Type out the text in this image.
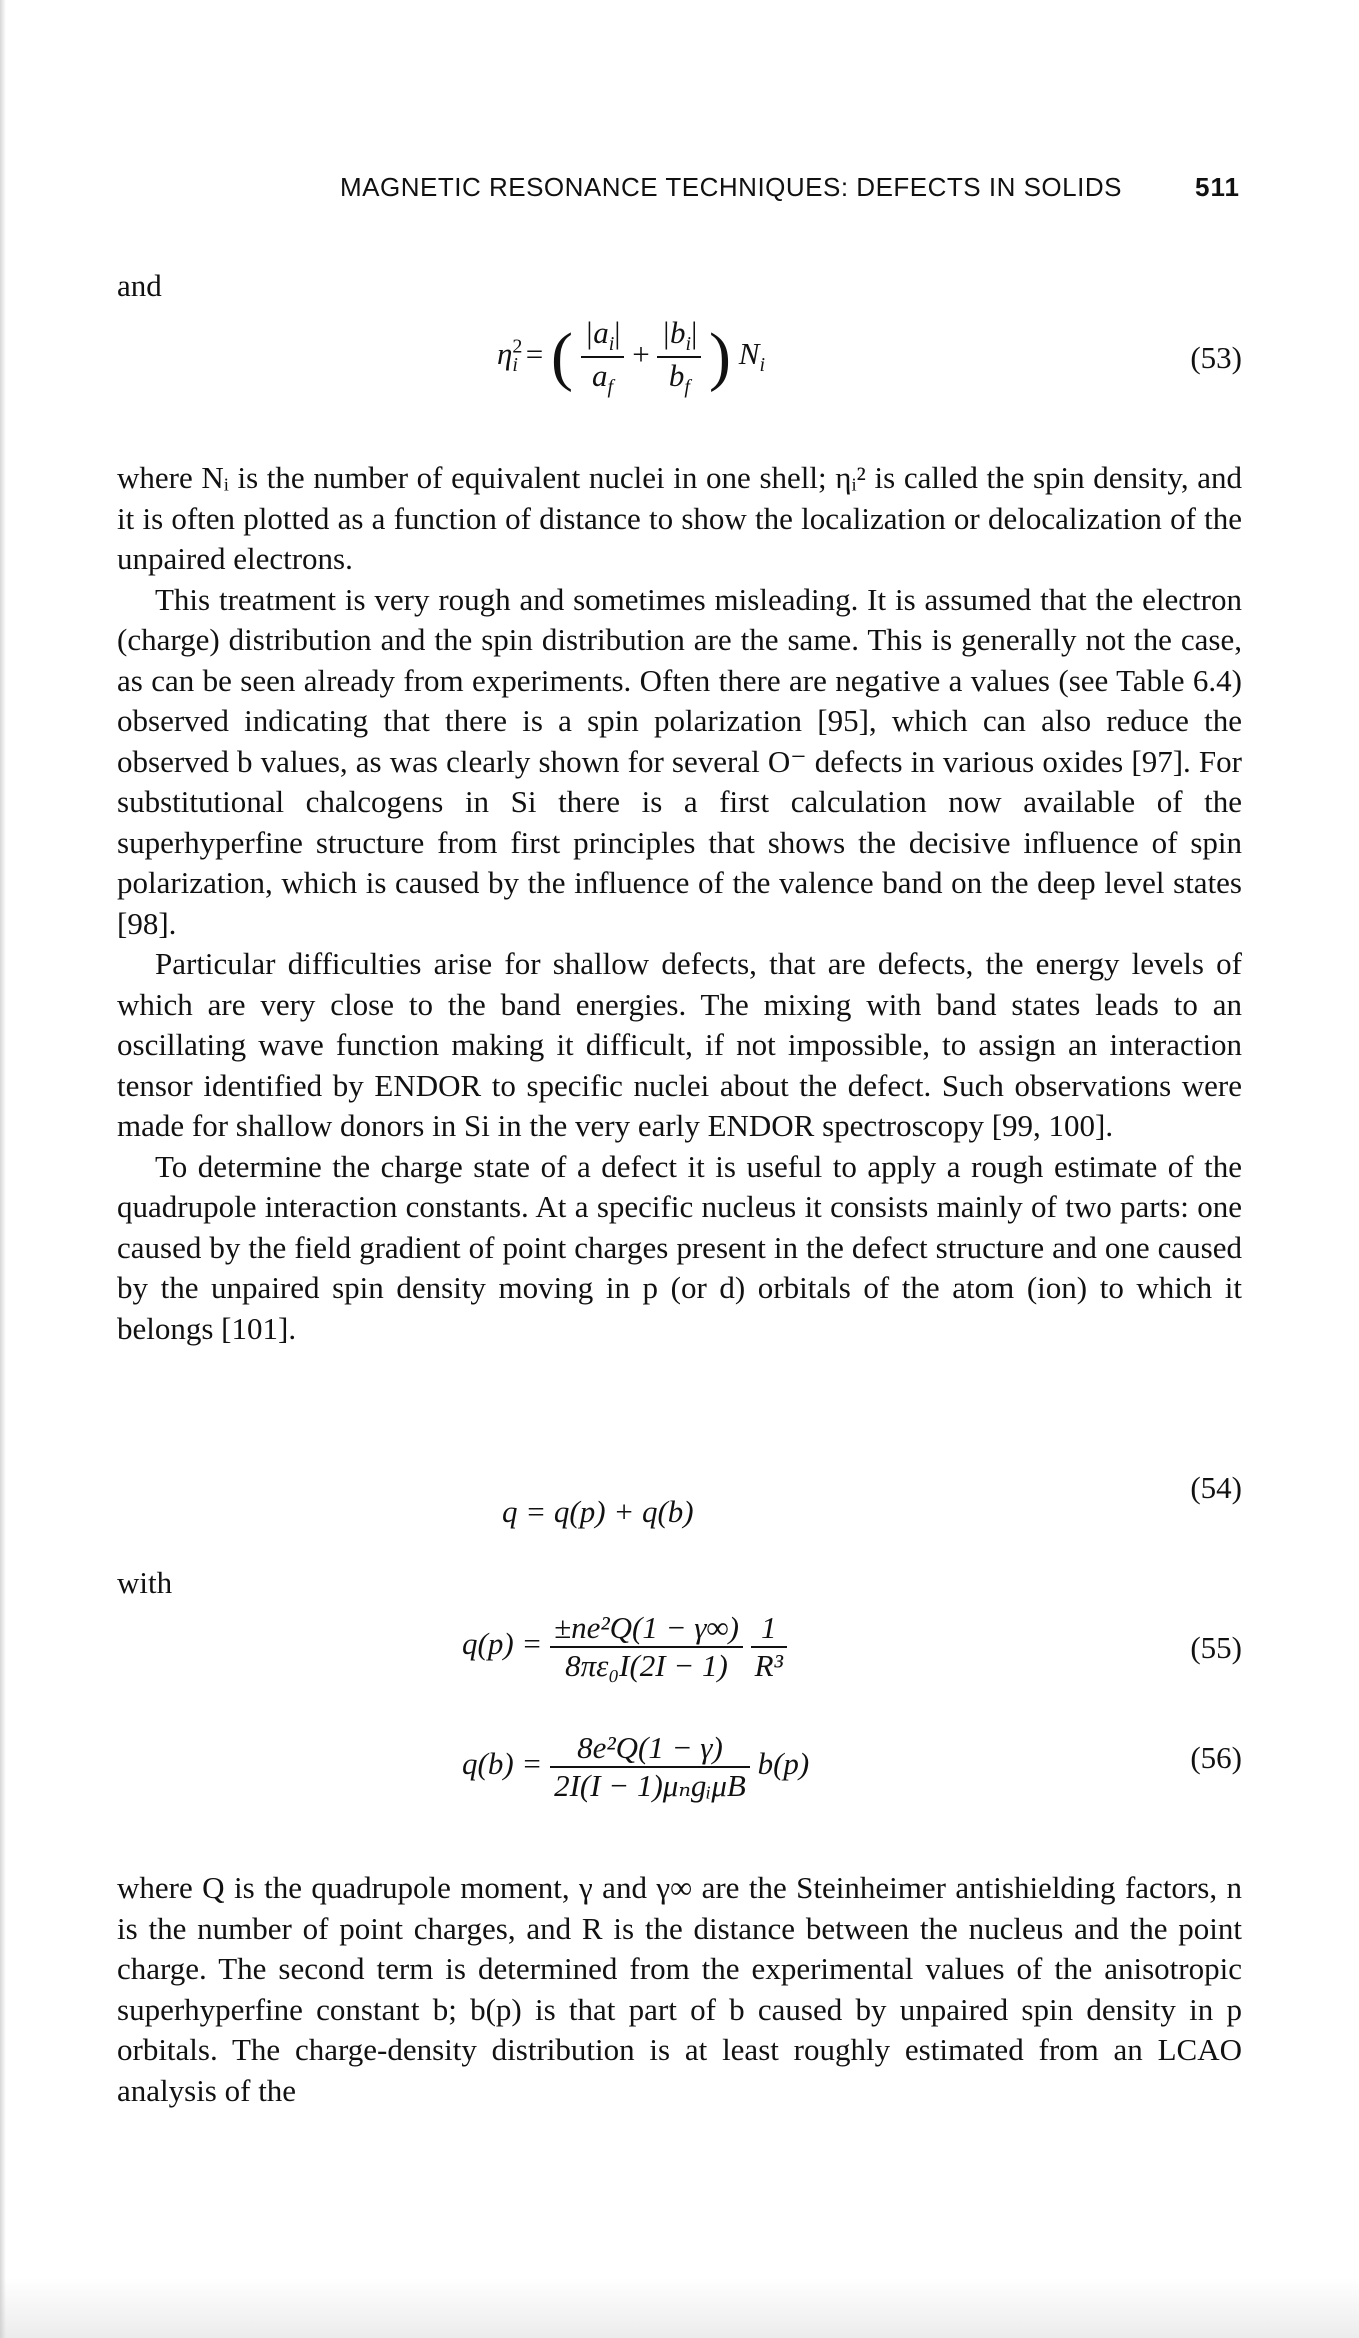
MAGNETIC RESONANCE TECHNIQUES: DEFECTS IN SOLIDS	511
and
$\eta^2_i$ = ( $\frac{|a_i|}{a_f} + \frac{|b_i|}{b_f}$ ) $N_i$	(53)

where Nᵢ is the number of equivalent nuclei in one shell; ηᵢ² is called the spin density, and it is often plotted as a function of distance to show the localization or delocalization of the unpaired electrons.

This treatment is very rough and sometimes misleading. It is assumed that the electron (charge) distribution and the spin distribution are the same. This is generally not the case, as can be seen already from experiments. Often there are negative a values (see Table 6.4) observed indicating that there is a spin polarization [95], which can also reduce the observed b values, as was clearly shown for several O⁻ defects in various oxides [97]. For substitutional chalcogens in Si there is a first calculation now available of the superhyperfine structure from first principles that shows the decisive influence of spin polarization, which is caused by the influence of the valence band on the deep level states [98].

Particular difficulties arise for shallow defects, that are defects, the energy levels of which are very close to the band energies. The mixing with band states leads to an oscillating wave function making it difficult, if not impossible, to assign an interaction tensor identified by ENDOR to specific nuclei about the defect. Such observations were made for shallow donors in Si in the very early ENDOR spectroscopy [99, 100].

To determine the charge state of a defect it is useful to apply a rough estimate of the quadrupole interaction constants. At a specific nucleus it consists mainly of two parts: one caused by the field gradient of point charges present in the defect structure and one caused by the unpaired spin density moving in p (or d) orbitals of the atom (ion) to which it belongs [101].

q = q(p) + q(b)
(54)
with
$q(p) = \frac{\text{±ne²Q(1 − γ∞)}}{\text{8πε₀I(2I − 1)}}$
$\frac{1}{\text{R³}}$	(55)
$q(b) = \frac{\text{8e²Q(1 − γ)}}{\text{2I(I − 1)μₙgᵢμB}} b(p)$	(56)

where Q is the quadrupole moment, γ and γ∞ are the Steinheimer antishielding factors, n is the number of point charges, and R is the distance between the nucleus and the point charge. The second term is determined from the experimental values of the anisotropic superhyperfine constant b; b(p) is that part of b caused by unpaired spin density in p orbitals. The charge-density distribution is at least roughly estimated from an LCAO analysis of the
